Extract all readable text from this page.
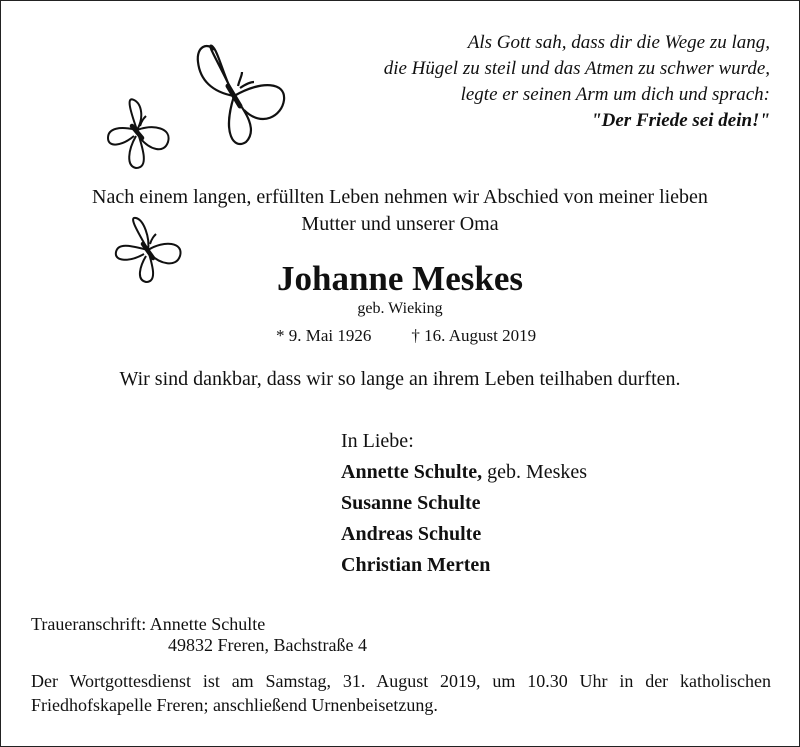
Als Gott sah, dass dir die Wege zu lang,
die Hügel zu steil und das Atmen zu schwer wurde,
legte er seinen Arm um dich und sprach:
"Der Friede sei dein!"
Nach einem langen, erfüllten Leben nehmen wir Abschied von meiner lieben
Mutter und unserer Oma
Johanne Meskes
geb. Wieking
* 9. Mai 1926 † 16. August 2019
Wir sind dankbar, dass wir so lange an ihrem Leben teilhaben durften.
In Liebe:
Annette Schulte, geb. Meskes
Susanne Schulte
Andreas Schulte
Christian Merten
Traueranschrift: Annette Schulte
49832 Freren, Bachstraße 4
Der Wortgottesdienst ist am Samstag, 31. August 2019, um 10.30 Uhr in der katholischen Friedhofskapelle Freren; anschließend Urnenbeisetzung.
